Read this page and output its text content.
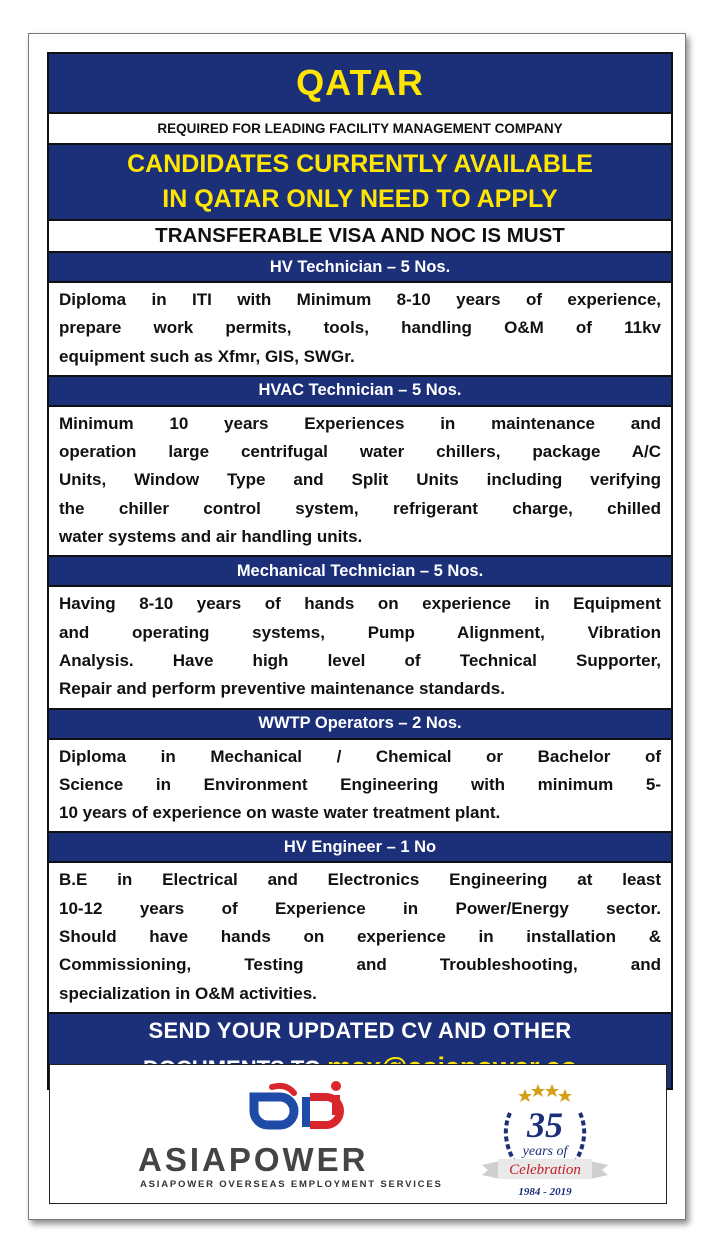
QATAR
REQUIRED FOR LEADING FACILITY MANAGEMENT COMPANY
CANDIDATES CURRENTLY AVAILABLE
IN QATAR ONLY NEED TO APPLY
TRANSFERABLE VISA AND NOC IS MUST
HV Technician – 5 Nos.
Diploma in ITI with Minimum 8-10 years of experience,
prepare work permits, tools, handling O&M of 11kv
equipment such as Xfmr, GIS, SWGr.
HVAC Technician – 5 Nos.
Minimum 10 years Experiences in maintenance and
operation large centrifugal water chillers, package A/C
Units, Window Type and Split Units including verifying
the chiller control system, refrigerant charge, chilled
water systems and air handling units.
Mechanical Technician – 5 Nos.
Having 8-10 years of hands on experience in Equipment
and operating systems, Pump Alignment, Vibration
Analysis. Have high level of Technical Supporter,
Repair and perform preventive maintenance standards.
WWTP Operators – 2 Nos.
Diploma in Mechanical / Chemical or Bachelor of
Science in Environment Engineering with minimum 5-
10 years of experience on waste water treatment plant.
HV Engineer – 1 No
B.E in Electrical and Electronics Engineering at least
10-12 years of Experience in Power/Energy sector.
Should have hands on experience in installation &
Commissioning, Testing and Troubleshooting, and
specialization in O&M activities.
SEND YOUR UPDATED CV AND OTHER
ASIAPOWER
ASIAPOWER OVERSEAS EMPLOYMENT SERVICES
35
years of
Celebration
1984 - 2019
